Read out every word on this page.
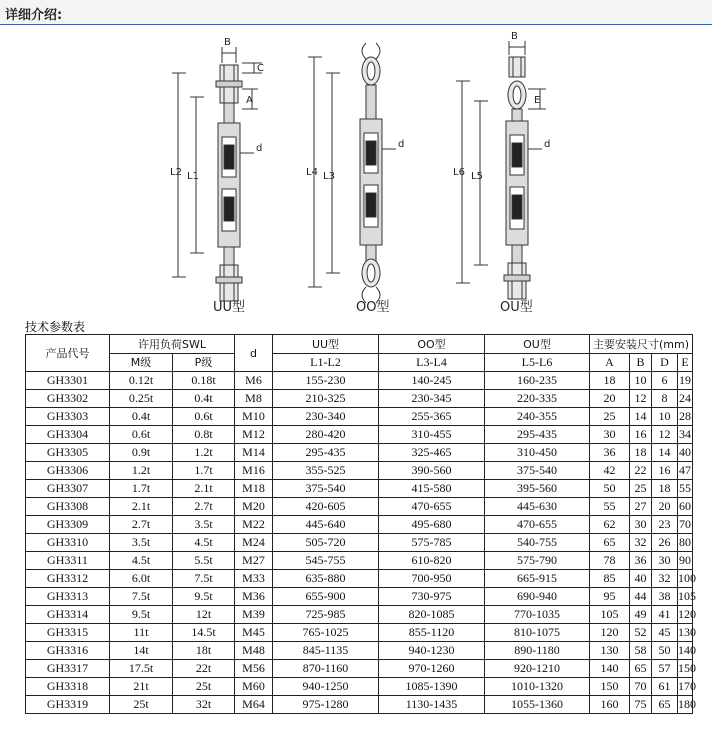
详细介绍:
B
C
A
d
L2 L1
d
L4 L3
B
E
d
L6 L5
UU型	OO型	OU型
技术参数表
产品代号	许用负荷SWL		d	UU型	OO型	OU型	主要安装尺寸(mm)			
	M级	P级		L1-L2	L3-L4	L5-L6	A	B	D	E
GH3301	0.12t	0.18t	M6	155-230	140-245	160-235	18	10	6	19
GH3302	0.25t	0.4t	M8	210-325	230-345	220-335	20	12	8	24
GH3303	0.4t	0.6t	M10	230-340	255-365	240-355	25	14	10	28
GH3304	0.6t	0.8t	M12	280-420	310-455	295-435	30	16	12	34
GH3305	0.9t	1.2t	M14	295-435	325-465	310-450	36	18	14	40
GH3306	1.2t	1.7t	M16	355-525	390-560	375-540	42	22	16	47
GH3307	1.7t	2.1t	M18	375-540	415-580	395-560	50	25	18	55
GH3308	2.1t	2.7t	M20	420-605	470-655	445-630	55	27	20	60
GH3309	2.7t	3.5t	M22	445-640	495-680	470-655	62	30	23	70
GH3310	3.5t	4.5t	M24	505-720	575-785	540-755	65	32	26	80
GH3311	4.5t	5.5t	M27	545-755	610-820	575-790	78	36	30	90
GH3312	6.0t	7.5t	M33	635-880	700-950	665-915	85	40	32	100
GH3313	7.5t	9.5t	M36	655-900	730-975	690-940	95	44	38	105
GH3314	9.5t	12t	M39	725-985	820-1085	770-1035	105	49	41	120
GH3315	11t	14.5t	M45	765-1025	855-1120	810-1075	120	52	45	130
GH3316	14t	18t	M48	845-1135	940-1230	890-1180	130	58	50	140
GH3317	17.5t	22t	M56	870-1160	970-1260	920-1210	140	65	57	150
GH3318	21t	25t	M60	940-1250	1085-1390	1010-1320	150	70	61	170
GH3319	25t	32t	M64	975-1280	1130-1435	1055-1360	160	75	65	180
